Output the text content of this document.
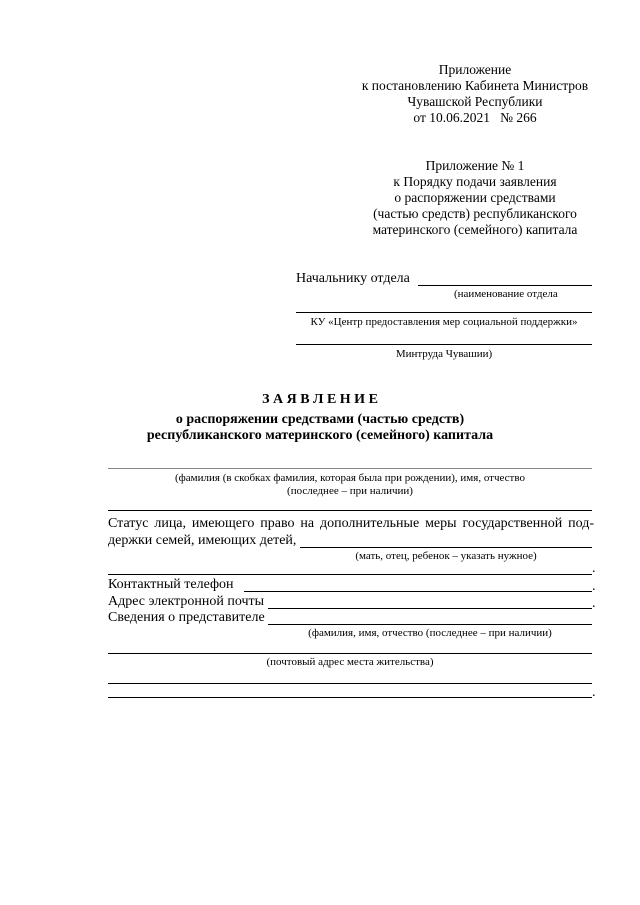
Приложение
к постановлению Кабинета Министров
Чувашской Республики
от 10.06.2021   № 266
Приложение № 1
к Порядку подачи заявления
о распоряжении средствами
(частью средств) республиканского
материнского (семейного) капитала
Начальнику отдела
(наименование отдела
КУ «Центр предоставления мер социальной поддержки»
Минтруда Чувашии)
З А Я В Л Е Н И Е
о распоряжении средствами (частью средств)
республиканского материнского (семейного) капитала
(фамилия (в скобках фамилия, которая была при рождении), имя, отчество
(последнее – при наличии)
Статус лица, имеющего право на дополнительные меры государственной под-
держки семей, имеющих детей,
(мать, отец, ребенок – указать нужное)
.
Контактный телефон	.
Адрес электронной почты	.
Сведения о представителе
(фамилия, имя, отчество (последнее – при наличии)
(почтовый адрес места жительства)
.
